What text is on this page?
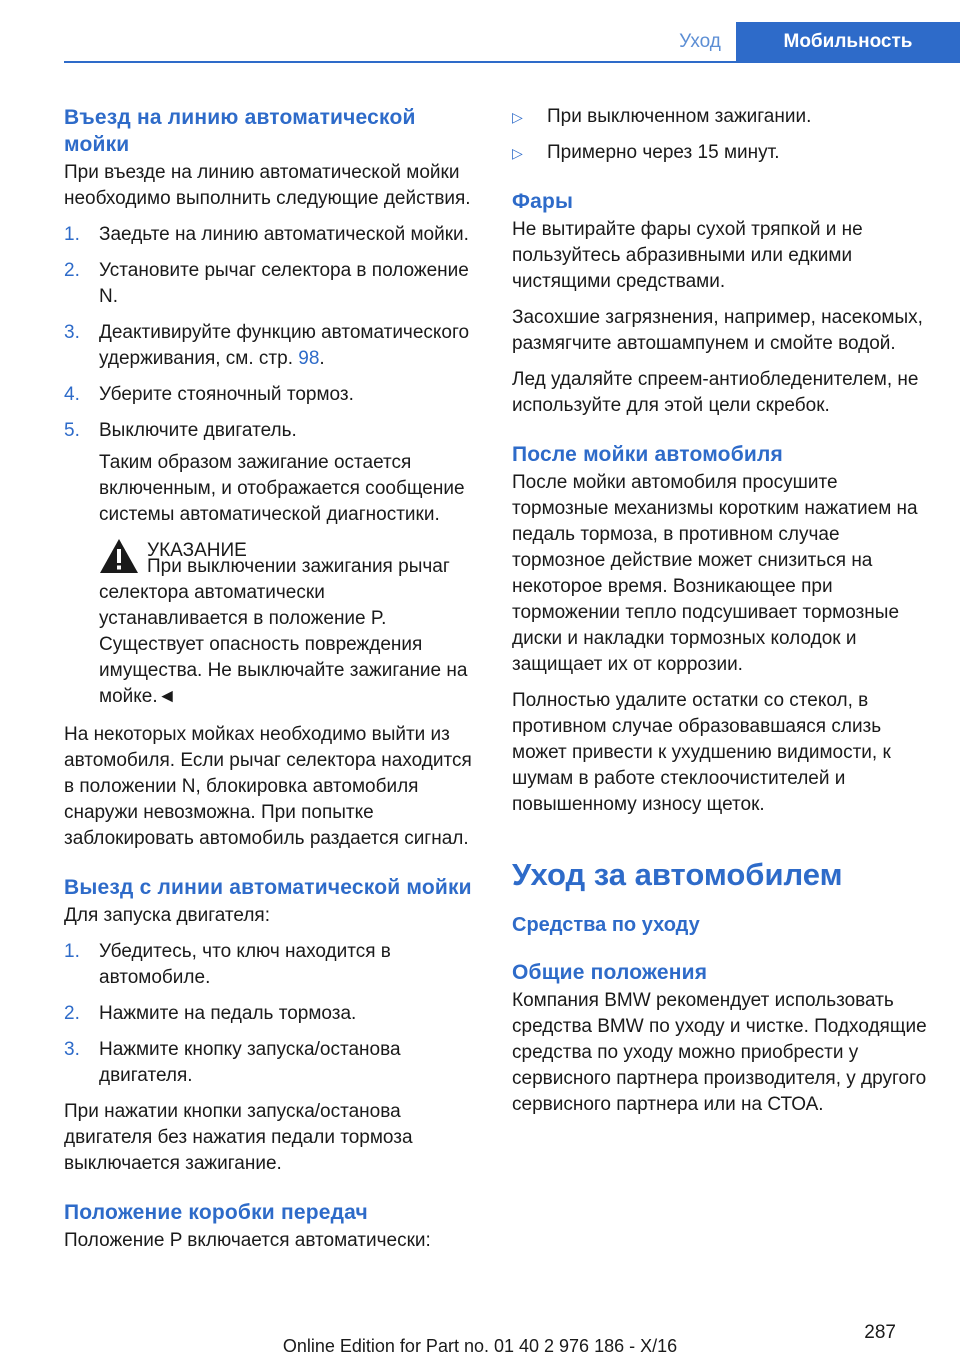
Уход	Мобильность
Въезд на линию автоматической мойки

При въезде на линию автоматической мойки необходимо выполнить следующие действия.

1.	Заедьте на линию автоматической мойки.
2.	Установите рычаг селектора в положение N.
3.	Деактивируйте функцию автоматического удерживания, см. стр. 98.
4.	Уберите стояночный тормоз.
5.	Выключите двигатель.

Таким образом зажигание остается включенным, и отображается сообщение системы автоматической диагностики.

УКАЗАНИЕ

При выключении зажигания рычаг селектора автоматически устанавливается в положение P. Существует опасность повреждения имущества. Не выключайте зажигание на мойке.◄

На некоторых мойках необходимо выйти из автомобиля. Если рычаг селектора находится в положении N, блокировка автомобиля снаружи невозможна. При попытке заблокировать автомобиль раздается сигнал.

Выезд с линии автоматической мойки

Для запуска двигателя:

1.	Убедитесь, что ключ находится в автомобиле.
2.	Нажмите на педаль тормоза.
3.	Нажмите кнопку запуска/останова двигателя.

При нажатии кнопки запуска/останова двигателя без нажатия педали тормоза выключается зажигание.

Положение коробки передач

Положение P включается автоматически:

▷	При выключенном зажигании.
▷	Примерно через 15 минут.
Фары

Не вытирайте фары сухой тряпкой и не пользуйтесь абразивными или едкими чистящими средствами.

Засохшие загрязнения, например, насекомых, размягчите автошампунем и смойте водой.

Лед удаляйте спреем-антиобледенителем, не используйте для этой цели скребок.

После мойки автомобиля

После мойки автомобиля просушите тормозные механизмы коротким нажатием на педаль тормоза, в противном случае тормозное действие может снизиться на некоторое время. Возникающее при торможении тепло подсушивает тормозные диски и накладки тормозных колодок и защищает их от коррозии.

Полностью удалите остатки со стекол, в противном случае образовавшаяся слизь может привести к ухудшению видимости, к шумам в работе стеклоочистителей и повышенному износу щеток.

Уход за автомобилем
Средства по уходу
Общие положения

Компания BMW рекомендует использовать средства BMW по уходу и чистке. Подходящие средства по уходу можно приобрести у сервисного партнера производителя, у другого сервисного партнера или на СТОА.

287
Online Edition for Part no. 01 40 2 976 186 - X/16
